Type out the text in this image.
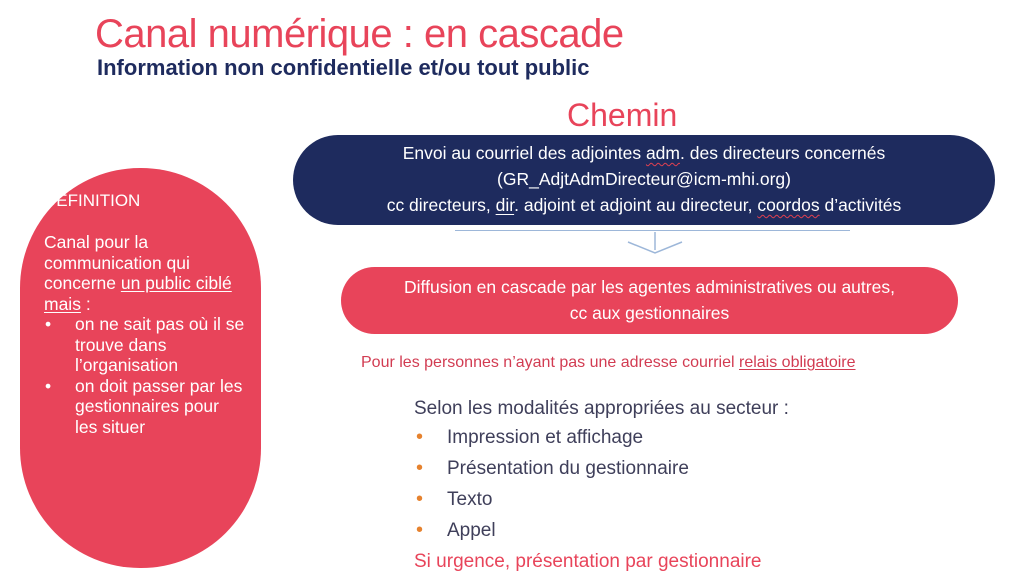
Canal numérique : en cascade
Information non confidentielle et/ou tout public
Chemin
Envoi au courriel des adjointes adm. des directeurs concernés
(GR_AdjtAdmDirecteur@icm-mhi.org)
cc directeurs, dir. adjoint et adjoint au directeur, coordos d’activités
Diffusion en cascade par les agentes administratives ou autres,
cc aux gestionnaires
Pour les personnes n’ayant pas une adresse courriel relais obligatoire
Selon les modalités appropriées au secteur :
• Impression et affichage
• Présentation du gestionnaire
• Texto
• Appel
Si urgence, présentation par gestionnaire
DÉFINITION
Canal pour la communication qui concerne un public ciblé mais :
• on ne sait pas où il se trouve dans l’organisation
• on doit passer par les gestionnaires pour les situer
